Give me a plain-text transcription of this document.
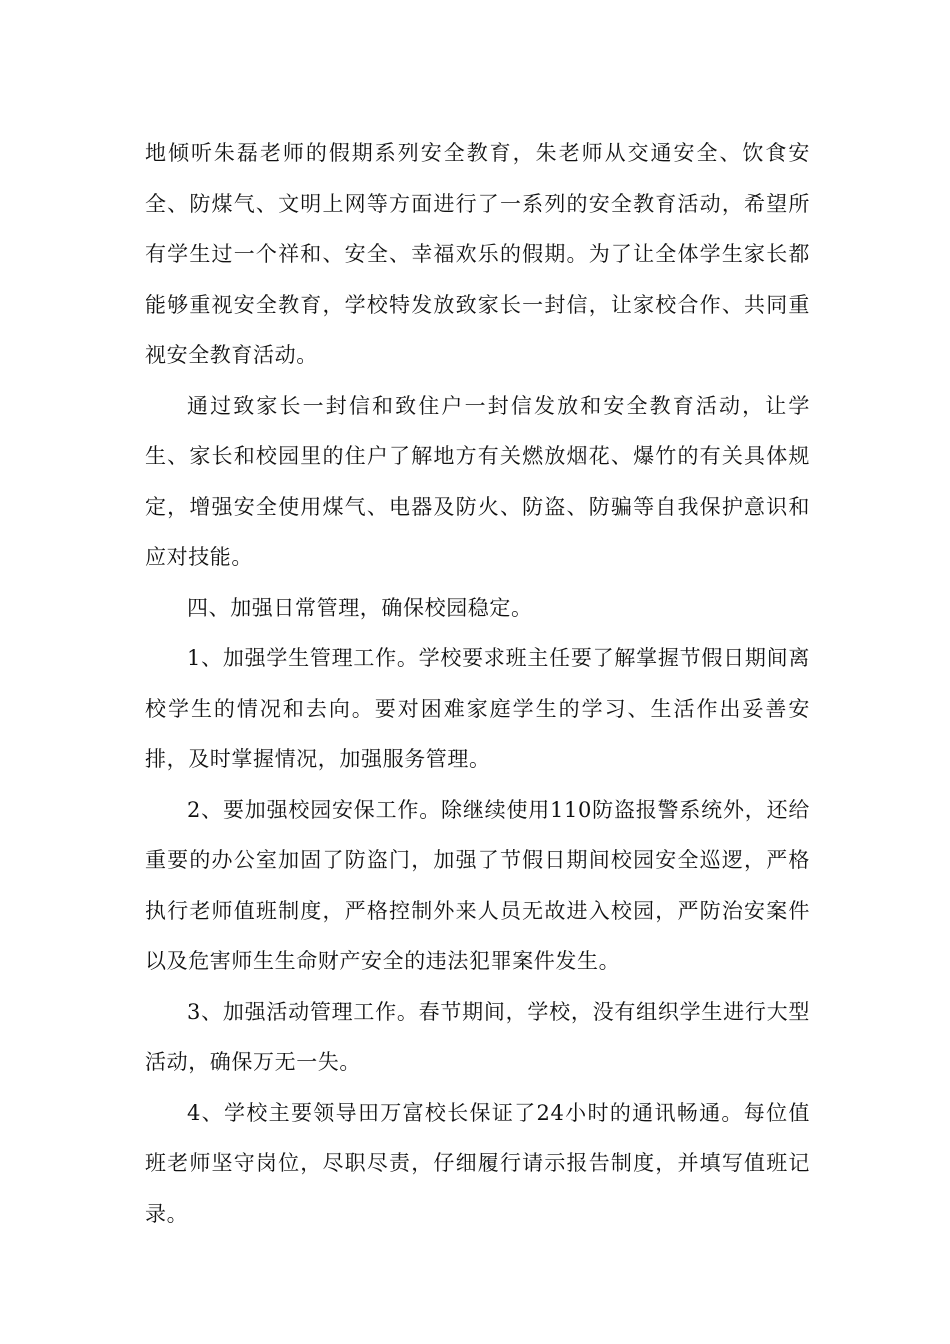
地倾听朱磊老师的假期系列安全教育，朱老师从交通安全、饮食安全、防煤气、文明上网等方面进行了一系列的安全教育活动，希望所有学生过一个祥和、安全、幸福欢乐的假期。为了让全体学生家长都能够重视安全教育，学校特发放致家长一封信，让家校合作、共同重视安全教育活动。

通过致家长一封信和致住户一封信发放和安全教育活动，让学生、家长和校园里的住户了解地方有关燃放烟花、爆竹的有关具体规定，增强安全使用煤气、电器及防火、防盗、防骗等自我保护意识和应对技能。

四、加强日常管理，确保校园稳定。

1、加强学生管理工作。学校要求班主任要了解掌握节假日期间离校学生的情况和去向。要对困难家庭学生的学习、生活作出妥善安排，及时掌握情况，加强服务管理。

2、要加强校园安保工作。除继续使用110防盗报警系统外，还给重要的办公室加固了防盗门，加强了节假日期间校园安全巡逻，严格执行老师值班制度，严格控制外来人员无故进入校园，严防治安案件以及危害师生生命财产安全的违法犯罪案件发生。

3、加强活动管理工作。春节期间，学校，没有组织学生进行大型活动，确保万无一失。

4、学校主要领导田万富校长保证了24小时的通讯畅通。每位值班老师坚守岗位，尽职尽责，仔细履行请示报告制度，并填写值班记录。
